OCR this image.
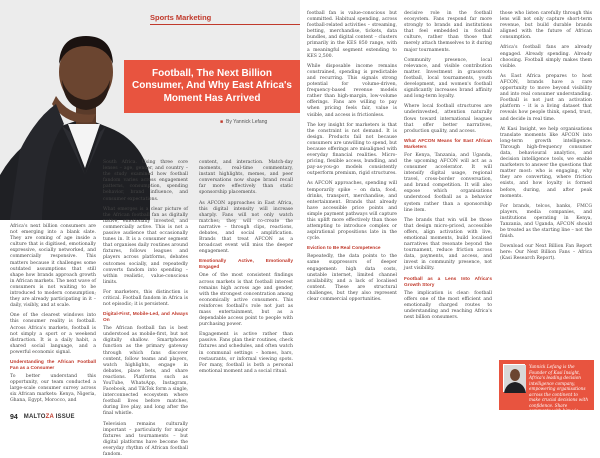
Sports Marketing
Football, The Next Billion Consumer, And Why East Africa's Moment Has Arrived
■ By Yannick Lefang

Africa's next billion consumers are not emerging into a blank slate. They are coming of age inside a culture that is digitised, emotionally expressive, socially networked, and commercially responsive. This matters because it challenges some outdated assumptions that still shape how brands approach growth in African markets. The next wave of consumers is not waiting to be introduced to modern consumption; they are already participating in it – daily, visibly, and at scale.

One of the clearest windows into this consumer reality is football. Across Africa's markets, football is not simply a sport or a weekend distraction. It is a daily habit, a shared social language, and a powerful economic signal.

Understanding the African Football Fan as a Consumer

To better understand this opportunity, our team conducted a large-scale consumer survey across six African markets: Kenya, Nigeria, Ghana, Egypt, Morocco, and

South Africa. Using three core lenses – age, gender, and country – the study examined how football fandom varies across engagement patterns, consumption, spending behavior, brand influence, and consumer expectations.

What emerges is a clear picture of the African football fan as digitally native, emotionally invested, and commercially active. This is not a passive audience that occasionally tunes in. It is a consumer segment that organises daily routines around fixtures, follows leagues and players across platforms, debates outcomes socially, and repeatedly converts fandom into spending – within realistic, value-conscious limits.

For marketers, this distinction is critical. Football fandom in Africa is not episodic; it is persistent.

Digital-First, Mobile-Led, and Always On

The African football fan is best understood as mobile-first, but not digitally shallow. Smartphones function as the primary gateway through which fans discover content, follow teams and players, watch highlights, engage in debates, place bets, and share reactions. Platforms such as YouTube, WhatsApp, Instagram, Facebook, and TikTok form a single, interconnected ecosystem where football lives before matches, during live play, and long after the final whistle.

Television remains culturally important – particularly for major fixtures and tournaments – but digital platforms have become the everyday rhythm of African football fandom.

content, and interaction. Match-day moments, real-time commentary, instant highlights, memes, and peer conversations now shape brand recall far more effectively than static sponsorship placements.

As AFCON approaches in East Africa, this digital intensity will increase sharply. Fans will not only watch matches; they will co-create the narrative – through clips, reactions, debates, and social amplification. Brands that treat AFCON as a broadcast event will miss the deeper engagement.

Emotionally Active, Emotionally Engaged

One of the most consistent findings across markets is that football interest remains high across age and gender, with the strongest concentration among economically active consumers. This reinforces football's role not just as mass entertainment, but as a dependable access point to people with purchasing power.

Engagement is active rather than passive. Fans plan their routines, check fixtures and schedules, and often watch in communal settings – homes, bars, restaurants, or informal viewing spots. For many, football is both a personal emotional moment and a social ritual.

football fan is value-conscious but committed. Habitual spending, across football-related activities – streaming, betting, merchandise, tickets, data bundles, and digital content – clusters primarily in the KES 850 range, with a meaningful segment extending to KES 2,500.

While disposable income remains constrained, spending is predictable and recurring. This signals strong potential for volume-driven, frequency-based revenue models rather than high-margin, low-volume offerings. Fans are willing to pay when pricing feels fair, value is visible, and access is frictionless.

The key insight for marketers is that the constraint is not demand. It is design. Products fail not because consumers are unwilling to spend, but because offerings are misaligned with everyday financial realities. Micro-pricing, flexible access, bundling, and pay-as-you-go models consistently outperform premium, rigid structures.

As AFCON approaches, spending will temporarily spike – on data, food, drinks, transport, merchandise, and entertainment. Brands that already have accessible price points and simple payment pathways will capture this uplift more effectively than those attempting to introduce complex or aspirational propositions late in the cycle.

Eviction to Be Real Competence

Repeatedly, the data points to the same suppressors of deeper engagement: high data costs, unstable internet, limited channel availability, and a lack of localised content. These are structural challenges, but they also represent clear commercial opportunities.

decisive role in the football ecosystem. Fans respond far more strongly to brands and institutions that feel embedded in football culture, rather than those that merely attach themselves to it during major tournaments.

Community presence, local relevance, and visible contribution matter. Investment in grassroots football, local tournaments, youth development, and women's football significantly increases brand affinity and long-term loyalty.

Where local football structures are underinvested, attention naturally flows toward international leagues that offer better narratives, production quality, and access.

What AFCON Means for East African Marketers

For Kenya, Tanzania, and Uganda, the upcoming AFCON will act as a consumer accelerator. It will intensify digital usage, regional travel, cross-border conversation, and brand competition. It will also expose which organisations understood football as a behavior system rather than a sponsorship line item.

The brands that win will be those that design micro-priced, accessible offers, align activation with live, emotional moments, build localised narratives that resonate beyond the tournament, reduce friction across data, payments, and access, and invest in community presence, not just visibility.

Football as a Lens Into Africa's Growth Story

The implication is clear: football offers one of the most efficient and emotionally charged routes to understanding and reaching Africa's next billion consumers.

those who listen carefully through this lens will not only capture short-term revenue, but build durable brands aligned with the future of African consumption.

Africa's football fans are already engaged. Already spending. Already choosing. Football simply makes them visible.

As East Africa prepares to host AFCON, brands have a rare opportunity to move beyond visibility and into real consumer understanding. Football is not just an activation platform – it is a living dataset that reveals how people think, spend, trust, and decide in real time.

At Kasi Insight, we help organisations translate moments like AFCON into long-term growth intelligence. Through high-frequency consumer data, behavioural analytics, and decision intelligence tools, we enable marketers to answer the questions that matter most: who is engaging, why they are converting, where friction exists, and how loyalty is formed before, during, and after peak moments.

For brands, telcos, banks, FMCG players, media companies, and institutions operating in Kenya, Tanzania, and Uganda, AFCON should be treated as the starting line – not the finish.

Download our Next Billion Fan Report here: Our Next Billion Fans – Africa (Kasi Research Report).

Yannick Lefang is the Founder of Kasi Insight, Africa's leading decision intelligence company, empowering organisations across the continent to make crucial decisions with confidence. Share comments with him via email at: info@kasiinsight.com
94 MALTOZA ISSUE
